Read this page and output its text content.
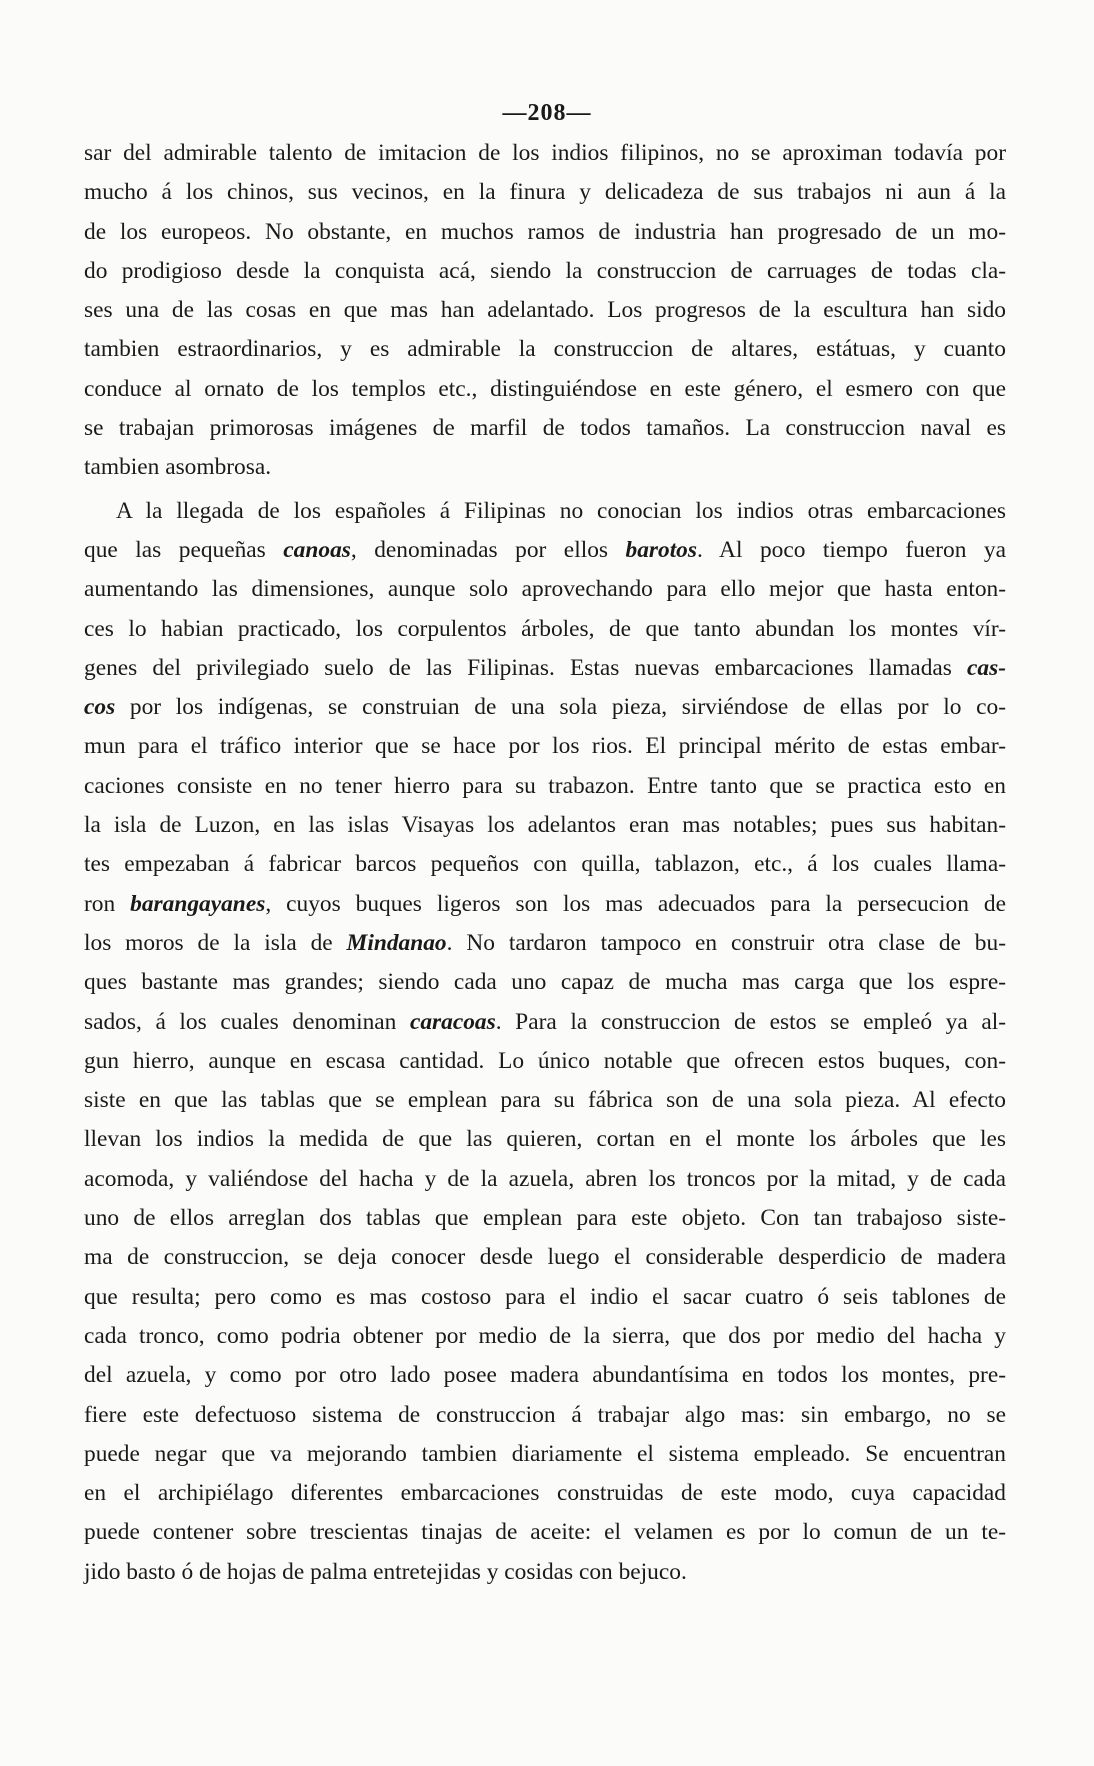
—208—
sar del admirable talento de imitacion de los indios filipinos, no se aproximan todavía por
mucho á los chinos, sus vecinos, en la finura y delicadeza de sus trabajos ni aun á la
de los europeos. No obstante, en muchos ramos de industria han progresado de un mo-
do prodigioso desde la conquista acá, siendo la construccion de carruages de todas cla-
ses una de las cosas en que mas han adelantado. Los progresos de la escultura han sido
tambien estraordinarios, y es admirable la construccion de altares, estátuas, y cuanto
conduce al ornato de los templos etc., distinguiéndose en este género, el esmero con que
se trabajan primorosas imágenes de marfil de todos tamaños. La construccion naval es
tambien asombrosa.
A la llegada de los españoles á Filipinas no conocian los indios otras embarcaciones
que las pequeñas canoas, denominadas por ellos barotos. Al poco tiempo fueron ya
aumentando las dimensiones, aunque solo aprovechando para ello mejor que hasta enton-
ces lo habian practicado, los corpulentos árboles, de que tanto abundan los montes vír-
genes del privilegiado suelo de las Filipinas. Estas nuevas embarcaciones llamadas cas-
cos por los indígenas, se construian de una sola pieza, sirviéndose de ellas por lo co-
mun para el tráfico interior que se hace por los rios. El principal mérito de estas embar-
caciones consiste en no tener hierro para su trabazon. Entre tanto que se practica esto en
la isla de Luzon, en las islas Visayas los adelantos eran mas notables; pues sus habitan-
tes empezaban á fabricar barcos pequeños con quilla, tablazon, etc., á los cuales llama-
ron barangayanes, cuyos buques ligeros son los mas adecuados para la persecucion de
los moros de la isla de Mindanao. No tardaron tampoco en construir otra clase de bu-
ques bastante mas grandes; siendo cada uno capaz de mucha mas carga que los espre-
sados, á los cuales denominan caracoas. Para la construccion de estos se empleó ya al-
gun hierro, aunque en escasa cantidad. Lo único notable que ofrecen estos buques, con-
siste en que las tablas que se emplean para su fábrica son de una sola pieza. Al efecto
llevan los indios la medida de que las quieren, cortan en el monte los árboles que les
acomoda, y valiéndose del hacha y de la azuela, abren los troncos por la mitad, y de cada
uno de ellos arreglan dos tablas que emplean para este objeto. Con tan trabajoso siste-
ma de construccion, se deja conocer desde luego el considerable desperdicio de madera
que resulta; pero como es mas costoso para el indio el sacar cuatro ó seis tablones de
cada tronco, como podria obtener por medio de la sierra, que dos por medio del hacha y
del azuela, y como por otro lado posee madera abundantísima en todos los montes, pre-
fiere este defectuoso sistema de construccion á trabajar algo mas: sin embargo, no se
puede negar que va mejorando tambien diariamente el sistema empleado. Se encuentran
en el archipiélago diferentes embarcaciones construidas de este modo, cuya capacidad
puede contener sobre trescientas tinajas de aceite: el velamen es por lo comun de un te-
jido basto ó de hojas de palma entretejidas y cosidas con bejuco.
